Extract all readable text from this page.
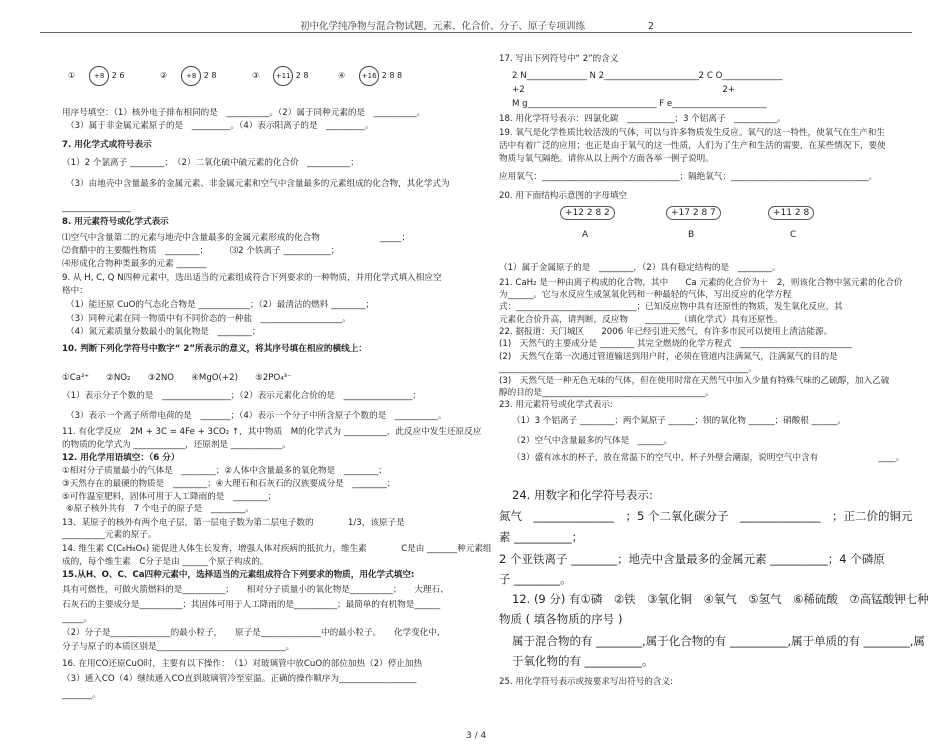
初中化学纯净物与混合物试题，元素、化合价、分子、原子专项训练	2
①	+8 2 6	②	+8 2 8	③ +11 2 8	④ +16 2 8 8
用序号填空：（1）核外电子排布相同的是　__________。（2）属于同种元素的是　__________。
（3）属于非金属元素原子的是　_________。（4）表示阳离子的是　_________。
7. 用化学式或符号表示
（1）2 个氯离子 ________；　（2）二氧化硫中硫元素的化合价　__________；
（3）由地壳中含量最多的金属元素、非金属元素和空气中含量最多的元素组成的化合物，其化学式为
________________
8. 用元素符号或化学式表示
⑴空气中含量第二的元素与地壳中含量最多的金属元素形成的化合物　　　　　　　_____；
⑵食醋中的主要酸性物质　________；　　　⑶2 个铁离子 ___________；
⑷形成化合物种类最多的元素 _______
9. 从 H, C, Q N四种元素中，选出适当的元素组成符合下列要求的一种物质，并用化学式填入相应空
格中：
（1）能还原 CuO的气态化合物是 ____________；（2）最清洁的燃料 ________；
（3）同种元素在同一物质中有不同价态的一种盐　___________________。
（4）氮元素质量分数最小的氧化物是　________；
10. 判断下列化学符号中数字“ 2”所表示的意义，将其序号填在相应的横线上：
①Ca²⁺　　②NO₂　　③2NO　　④MgO(+2)　　⑤2PO₄³⁻
（1）表示分子个数的是　________________；（2）表示元素化合价的是　________________；
（3）表示一个离子所带电荷的是　_______；（4）表示一个分子中所含原子个数的是　__________。
11. 有化学反应　2M + 3C = 4Fe + 3CO₂ ↑，其中物质　M的化学式为 __________，此反应中发生还原反应
的物质的化学式为 ____________，还原剂是 ____________。
12. 用化学用语填空：（6 分）
①相对分子质量最小的气体是　________；②人体中含量最多的氧化物是　________；
③天然存在的最硬的物质是　________；④大理石和石灰石的汉族要成分是　________；
⑤可作温室肥料，固体可用于人工降雨的是　________；
⑥原子核外共有　7 个电子的原子是　________。
13、某原子的核外有两个电子层，第一层电子数为第二层电子数的　　　　1/3，该原子是
__________元素的原子。
14. 维生素 C(C₆H₈O₆) 能促进人体生长发育，增强人体对疾病的抵抗力，维生素　　　　C是由 _______种元素组
成的，每个维生素　C分子是由 ______个原子构成的。
15.从H、O、C、Ca四种元素中，选择适当的元素组成符合下列要求的物质，用化学式填空:
具有可燃性，可做火箭燃料的是__________；　　相对分子质量小的氧化物是__________；　　大理石、
石灰石的主要成分是__________；其固体可用于人工降雨的是__________；最简单的有机物是______
_____。
（2）分子是______________的最小粒子，　　原子是______________中的最小粒子。　　化学变化中,
分子与原子的本质区别是______________________________。
16. 在用CO还原CuO时，主要有以下操作：　（1）对玻璃管中放CuO的部位加热（2）停止加热
（3）通入CO（4）继续通入CO直到玻璃管冷至室温。正确的操作顺序为__________________
_______。
17. 写出下列符号中“ 2”的含义
2 N______________ N 2______________________2 C O______________
+2　　　　　　　　　　　　　　　　　　　　　　　2+
M g______________________________ F e______________________
18. 用化学符号表示：四氯化碳　___________；3 个铝离子　__________。
19. 氧气是化学性质比较活泼的气体，可以与许多物质发生反应。氧气的这一特性，使氧气在生产和生
活中有着广泛的应用；也正是由于氧气的这一性质，人们为了生产和生活的需要，在某些情况下，要使
物质与氧气隔绝。请你从以上两个方面各举一例子说明。
应用氧气：________________________________；隔绝氧气：________________________________。
20. 用下面结构示意图的字母填空
（1）属于金属原子的是　________，（2）具有稳定结构的是　________。
21. CaH₂ 是一种由离子构成的化合物，其中　　Ca 元素的化合价为＋　2，则该化合物中氢元素的化合价
为______。它与水反应生成氢氧化钙和一种最轻的气体，写出反应的化学方程
式：____________________________；已知反应物中具有还原性的物质，发生氧化反应，其
元素化合价升高，请判断，反应物　　________（填化学式）具有还原性。
22. 据报道：天门城区　　2006 年已经引进天然气，有许多市民可以使用上清洁能源。
(1)　天然气的主要成分是 ________ 其完全燃烧的化学方程式　__________________________
(2)　天然气在第一次通过管道输送到用户时，必须在管道内注满氮气，注满氮气的目的是
__________________________________________________________。
(3)　天然气是一种无色无味的气体，但在使用时常在天然气中加入少量有特殊气味的乙硫醇，加入乙硫
醇的目的是______________________________________。
23. 用元素符号或化学式表示:
（1）3 个铝离子 ________；两个氮原子 ______；钡的氧化物 ______；硝酸根 ______。
（2）空气中含量最多的气体是　______。
（3）盛有冰水的杯子，放在常温下的空气中，杯子外壁会潮湿，说明空气中含有　　　　　　　____。
24. 用数字和化学符号表示:
氮气　______________　；5 个二氧化碳分子　______________　；正二价的铜元
素 __________；
2 个亚铁离子 ________；地壳中含量最多的金属元素 __________；4 个磷原
子 ________。
12. (9 分) 有①磷　②铁　③氧化铜　④氧气　⑤氢气　⑥稀硫酸　⑦高锰酸钾七种
物质 ( 填各物质的序号 )
属于混合物的有 ________,属于化合物的有 __________,属于单质的有 ________,属
于氧化物的有 __________。
25. 用化学符号表示或按要求写出符号的含义:
+12 2 8 2
A
+17 2 8 7
B
+11 2 8
C
3 / 4
